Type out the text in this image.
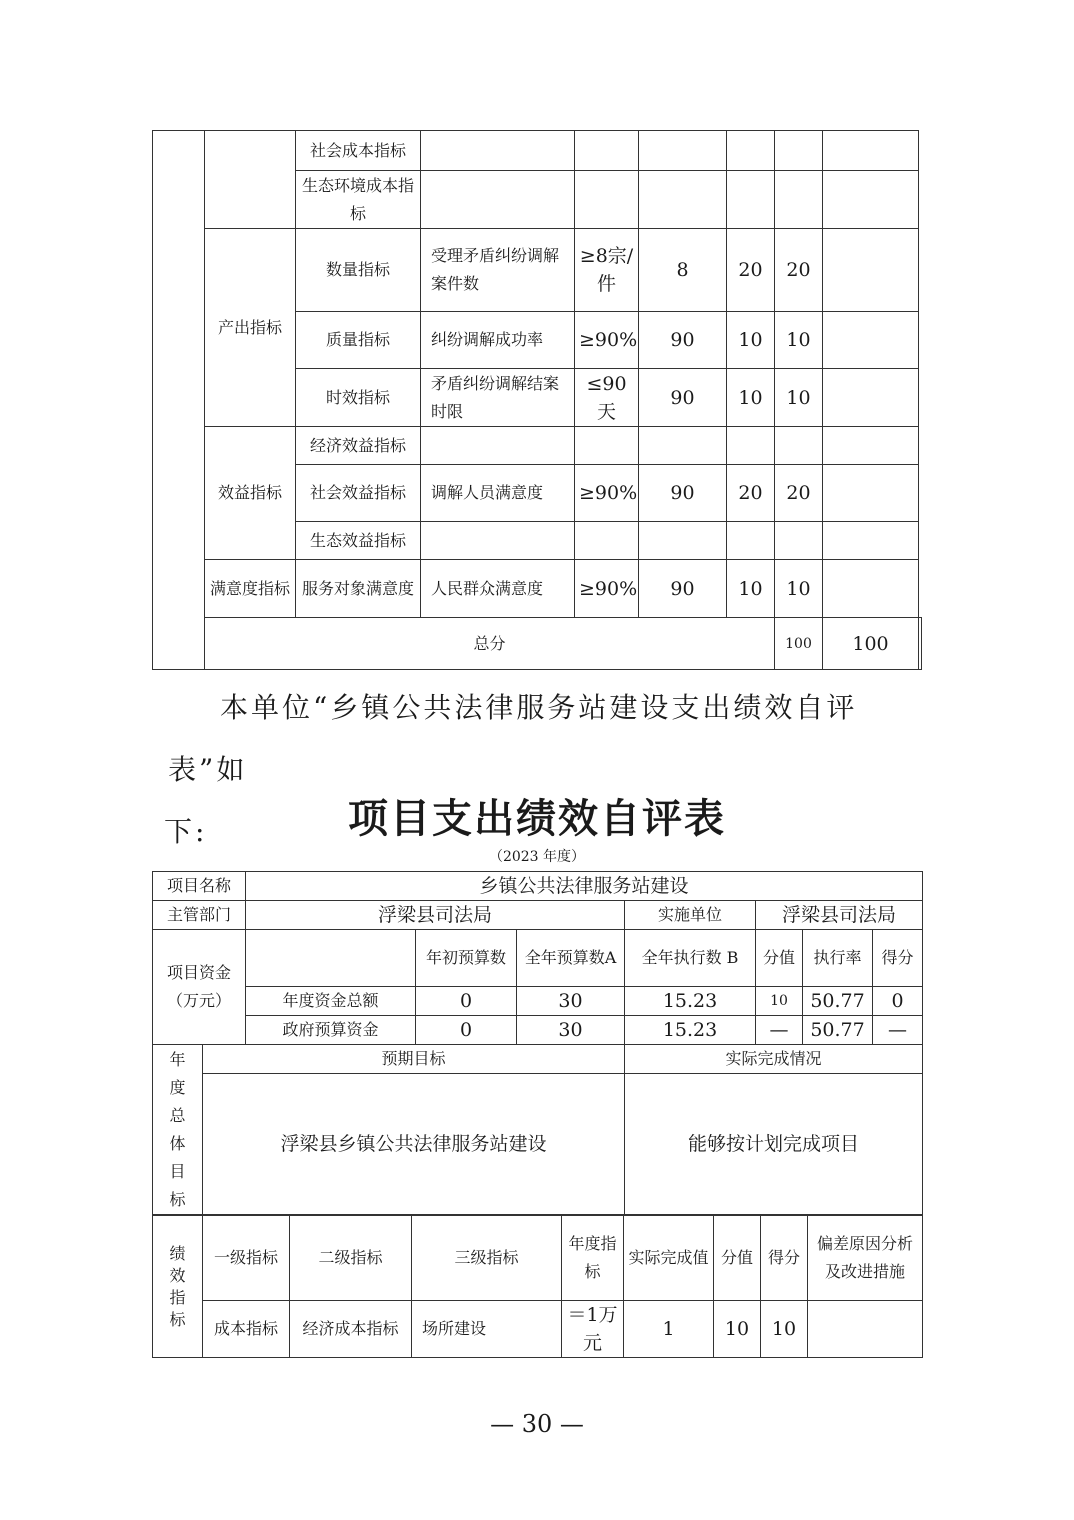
		社会成本指标							
		生态环境成本指标							
	产出指标	数量指标	受理矛盾纠纷调解案件数	≥8宗/件	8	20	20		
		质量指标	纠纷调解成功率	≥90%	90	10	10		
		时效指标	矛盾纠纷调解结案时限	≤90天	90	10	10		
	效益指标	经济效益指标							
		社会效益指标	调解人员满意度	≥90%	90	20	20		
		生态效益指标							
	满意度指标	服务对象满意度	人民群众满意度	≥90%	90	10	10		
	总分						100	100	
本单位“乡镇公共法律服务站建设支出绩效自评表”如
下:	项目支出绩效自评表
（2023 年度）
项目名称		乡镇公共法律服务站建设						
主管部门		浮梁县司法局			实施单位	浮梁县司法局		
项目资金
（万元）			年初预算数	全年预算数A	全年执行数 B	分值	执行率	得分
		年度资金总额	0	30	15.23	10	50.77	0
		政府预算资金	0	30	15.23	—	50.77	—

年度总体目标	预期目标				实际完成情况			
	浮梁县乡镇公共法律服务站建设				能够按计划完成项目			
绩效指标	一级指标	二级指标	三级指标	年度指标	实际完成值	分值	得分	偏差原因分析及改进措施
	成本指标	经济成本指标	场所建设	＝1万元	1	10	10	
— 30 —
